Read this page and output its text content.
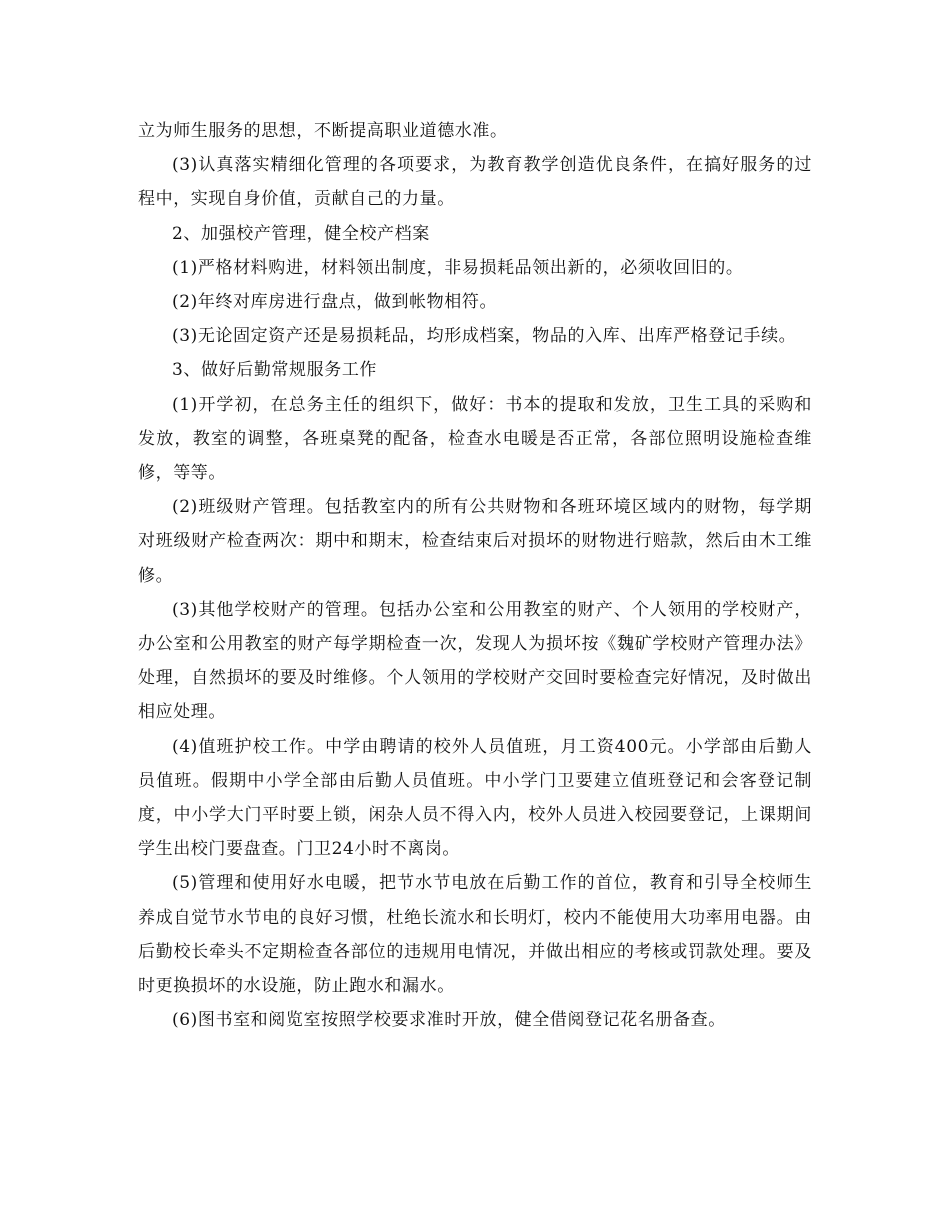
立为师生服务的思想，不断提高职业道德水准。

(3)认真落实精细化管理的各项要求，为教育教学创造优良条件，在搞好服务的过程中，实现自身价值，贡献自己的力量。

2、加强校产管理，健全校产档案

(1)严格材料购进，材料领出制度，非易损耗品领出新的，必须收回旧的。

(2)年终对库房进行盘点，做到帐物相符。

(3)无论固定资产还是易损耗品，均形成档案，物品的入库、出库严格登记手续。

3、做好后勤常规服务工作

(1)开学初，在总务主任的组织下，做好：书本的提取和发放，卫生工具的采购和发放，教室的调整，各班桌凳的配备，检查水电暖是否正常，各部位照明设施检查维修，等等。

(2)班级财产管理。包括教室内的所有公共财物和各班环境区域内的财物，每学期对班级财产检查两次：期中和期末，检查结束后对损坏的财物进行赔款，然后由木工维修。

(3)其他学校财产的管理。包括办公室和公用教室的财产、个人领用的学校财产，办公室和公用教室的财产每学期检查一次，发现人为损坏按《魏矿学校财产管理办法》处理，自然损坏的要及时维修。个人领用的学校财产交回时要检查完好情况，及时做出相应处理。

(4)值班护校工作。中学由聘请的校外人员值班，月工资400元。小学部由后勤人员值班。假期中小学全部由后勤人员值班。中小学门卫要建立值班登记和会客登记制度，中小学大门平时要上锁，闲杂人员不得入内，校外人员进入校园要登记，上课期间学生出校门要盘查。门卫24小时不离岗。

(5)管理和使用好水电暖，把节水节电放在后勤工作的首位，教育和引导全校师生养成自觉节水节电的良好习惯，杜绝长流水和长明灯，校内不能使用大功率用电器。由后勤校长牵头不定期检查各部位的违规用电情况，并做出相应的考核或罚款处理。要及时更换损坏的水设施，防止跑水和漏水。

(6)图书室和阅览室按照学校要求准时开放，健全借阅登记花名册备查。
